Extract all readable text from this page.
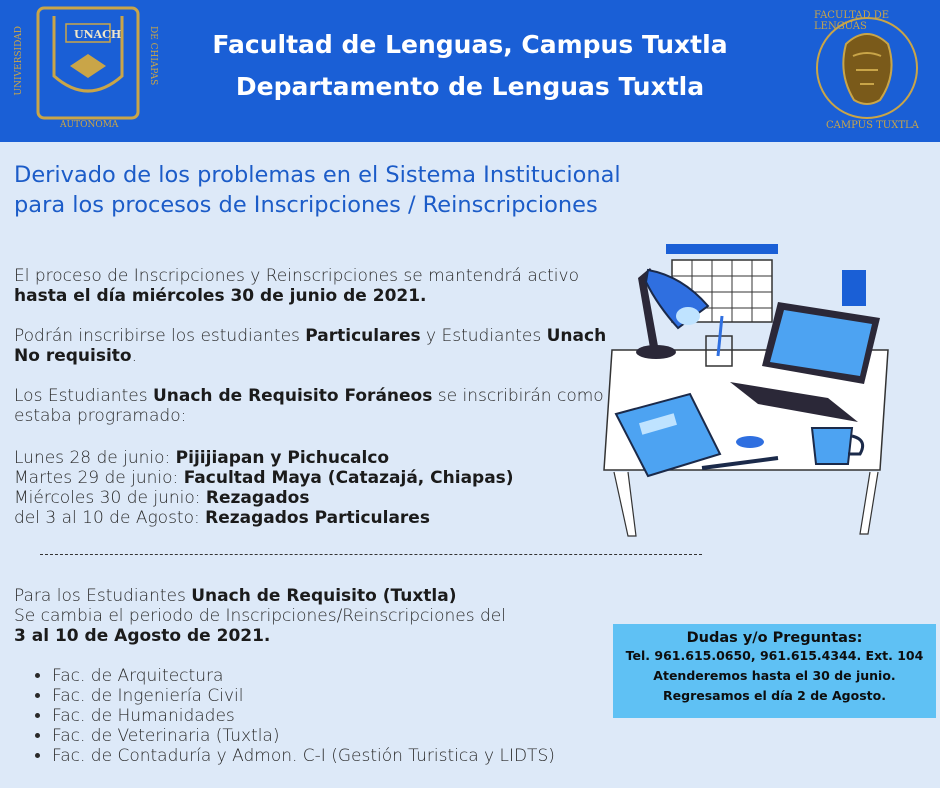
UNACH
UNIVERSIDAD	DE CHIAPAS
AUTÓNOMA
Facultad de Lenguas, Campus Tuxtla
Departamento de Lenguas Tuxtla
FACULTAD DE LENGUAS
CAMPUS TUXTLA
Derivado de los problemas en el Sistema Institucional
para los procesos de Inscripciones / Reinscripciones
El proceso de Inscripciones y Reinscripciones se mantendrá activo hasta el día miércoles 30 de junio de 2021.
Podrán inscribirse los estudiantes Particulares y Estudiantes Unach No requisito.
Los Estudiantes Unach de Requisito Foráneos se inscribirán como estaba programado:
Lunes 28 de junio: Pijijiapan y Pichucalco
Martes 29 de junio: Facultad Maya (Catazajá, Chiapas)
Miércoles 30 de junio: Rezagados
del 3 al 10 de Agosto: Rezagados Particulares
Para los Estudiantes Unach de Requisito (Tuxtla)
Se cambia el periodo de Inscripciones/Reinscripciones del
3 al 10 de Agosto de 2021.
• Fac. de Arquitectura
• Fac. de Ingeniería Civil
• Fac. de Humanidades
• Fac. de Veterinaria (Tuxtla)
• Fac. de Contaduría y Admon. C-I (Gestión Turistica y LIDTS)
Dudas y/o Preguntas:
Tel. 961.615.0650, 961.615.4344. Ext. 104
Atenderemos hasta el 30 de junio.
Regresamos el día 2 de Agosto.
